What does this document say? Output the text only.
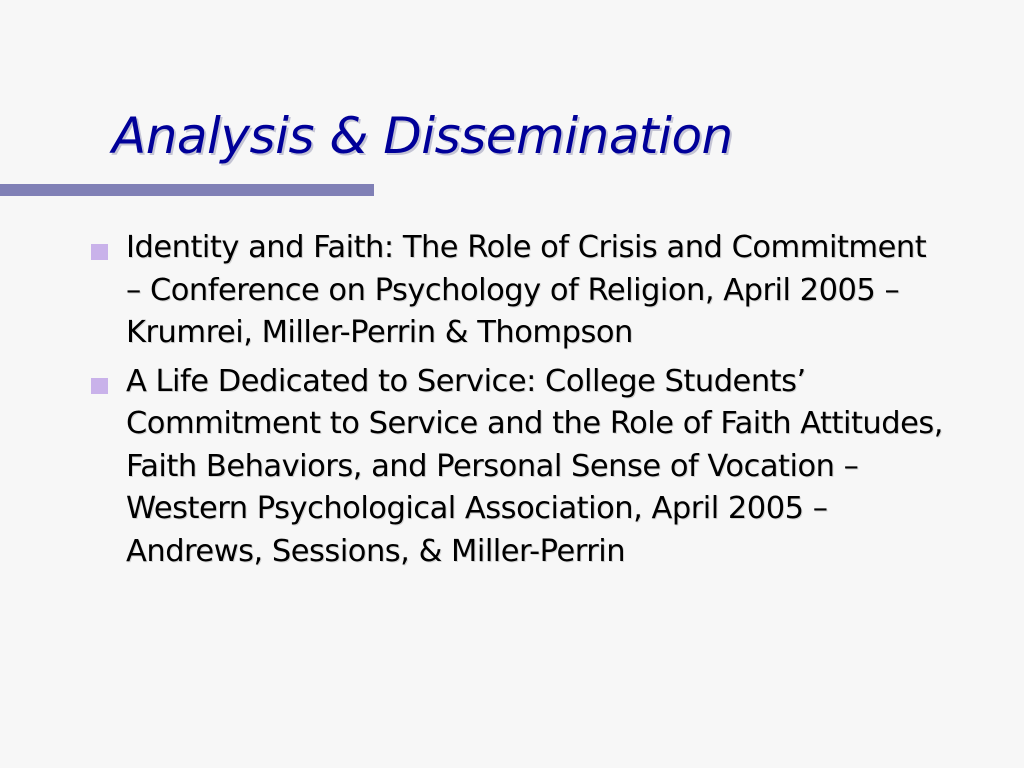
Analysis & Dissemination
Identity and Faith: The Role of Crisis and Commitment – Conference on Psychology of Religion, April 2005 – Krumrei, Miller-Perrin & Thompson
A Life Dedicated to Service: College Students’ Commitment to Service and the Role of Faith Attitudes, Faith Behaviors, and Personal Sense of Vocation – Western Psychological Association, April 2005 – Andrews, Sessions, & Miller-Perrin
